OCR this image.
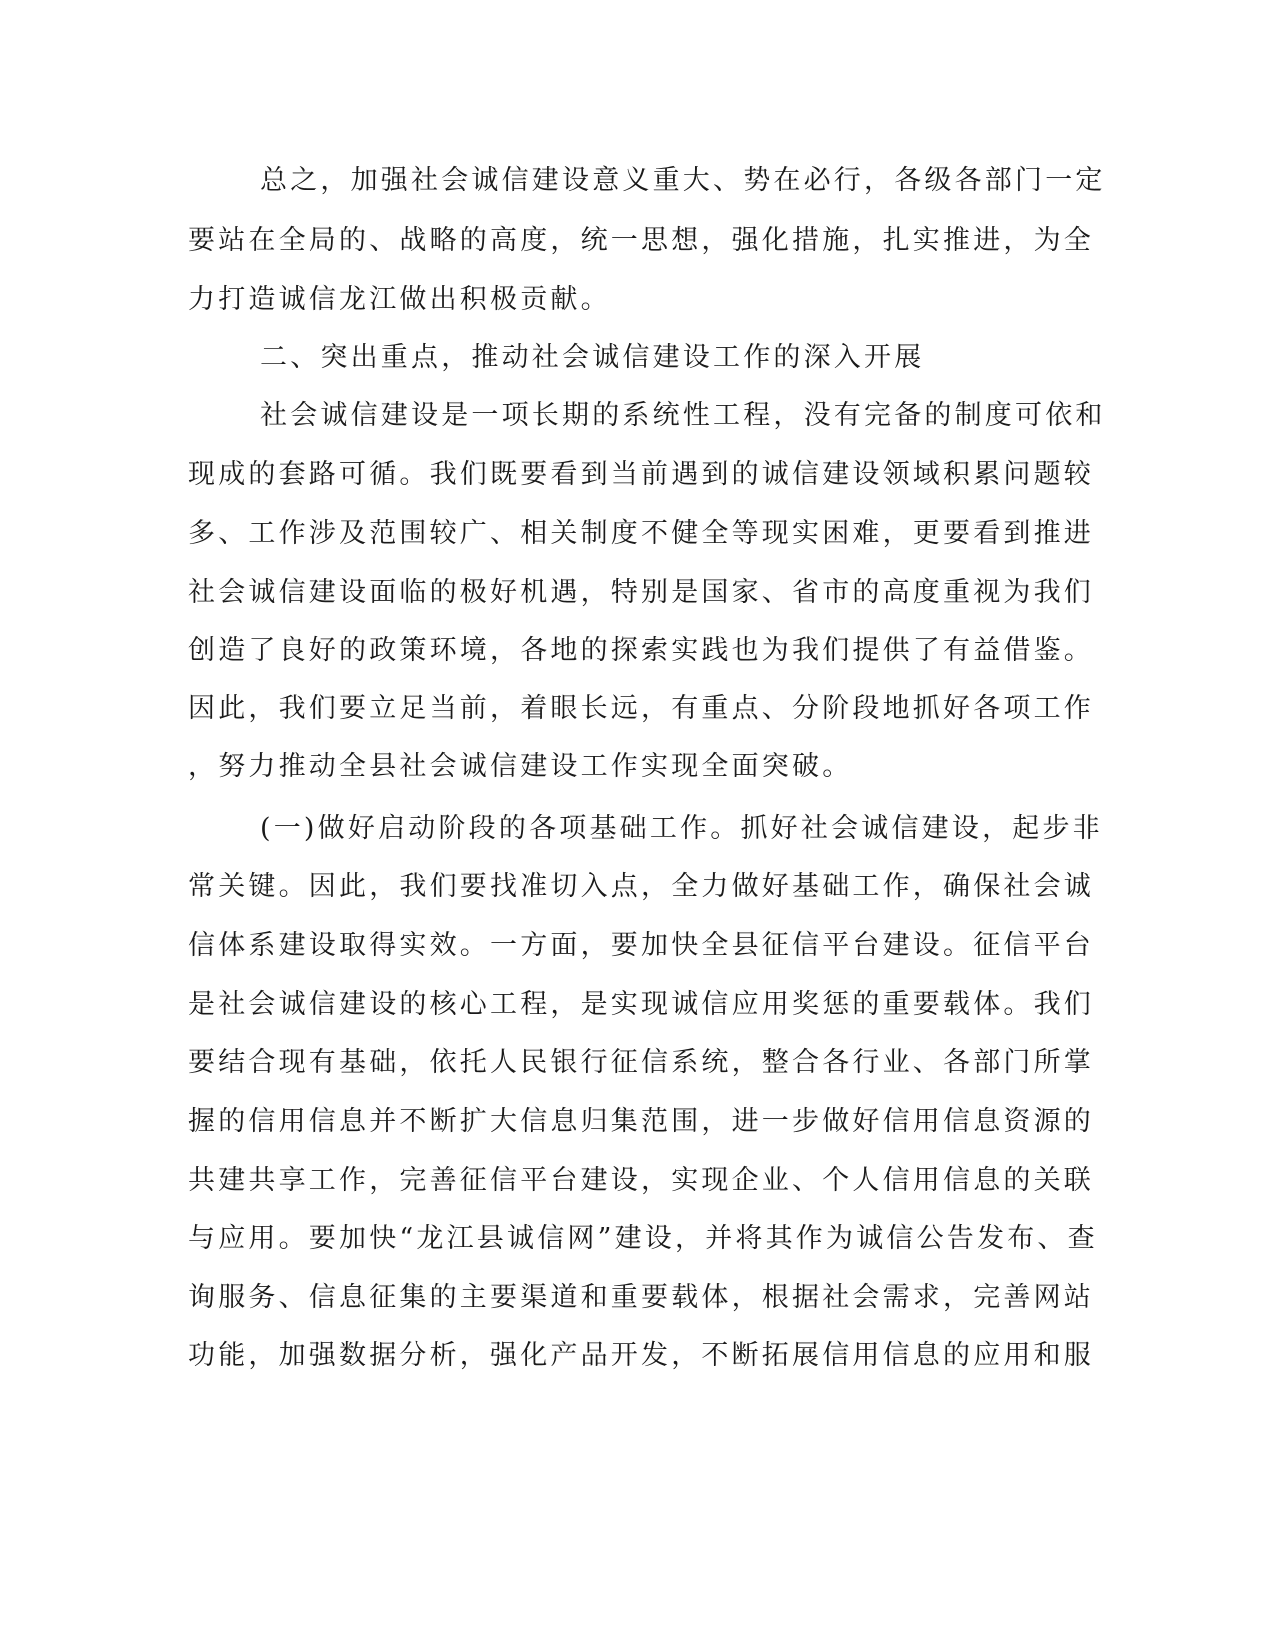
总之，加强社会诚信建设意义重大、势在必行，各级各部门一定
要站在全局的、战略的高度，统一思想，强化措施，扎实推进，为全
力打造诚信龙江做出积极贡献。
二、突出重点，推动社会诚信建设工作的深入开展
社会诚信建设是一项长期的系统性工程，没有完备的制度可依和
现成的套路可循。我们既要看到当前遇到的诚信建设领域积累问题较
多、工作涉及范围较广、相关制度不健全等现实困难，更要看到推进
社会诚信建设面临的极好机遇，特别是国家、省市的高度重视为我们
创造了良好的政策环境，各地的探索实践也为我们提供了有益借鉴。
因此，我们要立足当前，着眼长远，有重点、分阶段地抓好各项工作
，努力推动全县社会诚信建设工作实现全面突破。
(一)做好启动阶段的各项基础工作。抓好社会诚信建设，起步非
常关键。因此，我们要找准切入点，全力做好基础工作，确保社会诚
信体系建设取得实效。一方面，要加快全县征信平台建设。征信平台
是社会诚信建设的核心工程，是实现诚信应用奖惩的重要载体。我们
要结合现有基础，依托人民银行征信系统，整合各行业、各部门所掌
握的信用信息并不断扩大信息归集范围，进一步做好信用信息资源的
共建共享工作，完善征信平台建设，实现企业、个人信用信息的关联
与应用。要加快“龙江县诚信网”建设，并将其作为诚信公告发布、查
询服务、信息征集的主要渠道和重要载体，根据社会需求，完善网站
功能，加强数据分析，强化产品开发，不断拓展信用信息的应用和服
